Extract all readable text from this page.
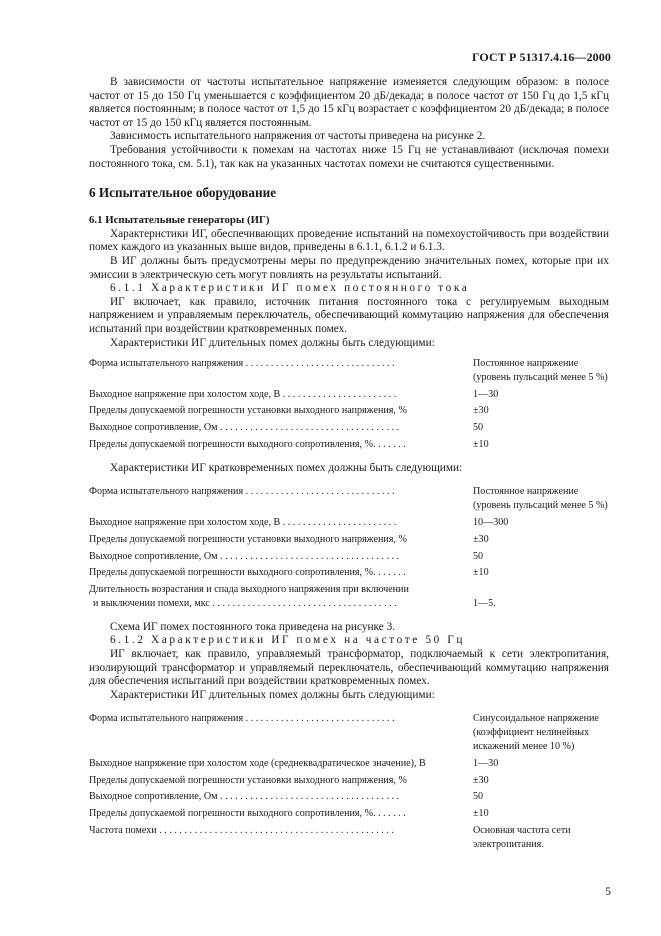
ГОСТ Р 51317.4.16—2000

В зависимости от частоты испытательное напряжение изменяется следующим образом: в полосе частот от 15 до 150 Гц уменьшается с коэффициентом 20 дБ/декада; в полосе частот от 150 Гц до 1,5 кГц является постоянным; в полосе частот от 1,5 до 15 кГц возрастает с коэффициентом 20 дБ/декада; в полосе частот от 15 до 150 кГц является постоянным.

Зависимость испытательного напряжения от частоты приведена на рисунке 2.

Требования устойчивости к помехам на частотах ниже 15 Гц не устанавливают (исключая помехи постоянного тока, см. 5.1), так как на указанных частотах помехи не считаются существенными.

6 Испытательное оборудование
6.1 Испытательные генераторы (ИГ)

Характеристики ИГ, обеспечивающих проведение испытаний на помехоустойчивость при воздействии помех каждого из указанных выше видов, приведены в 6.1.1, 6.1.2 и 6.1.3.

В ИГ должны быть предусмотрены меры по предупреждению значительных помех, которые при их эмиссии в электрическую сеть могут повлиять на результаты испытаний.

6.1.1 Характеристики ИГ помех постоянного тока

ИГ включает, как правило, источник питания постоянного тока с регулируемым выходным напряжением и управляемым переключатель, обеспечивающий коммутацию напряжения для обеспечения испытаний при воздействии кратковременных помех.

Характеристики ИГ длительных помех должны быть следующими:

Форма испытательного напряжения . . . . . . . . . . . . . . . . . . . . . . . . . . . . . .	Постоянное напряжение (уровень пульсаций менее 5 %)
Выходное напряжение при холостом ходе, В . . . . . . . . . . . . . . . . . . . . . . .	1—30
Пределы допускаемой погрешности установки выходного напряжения, %	±30
Выходное сопротивление, Ом . . . . . . . . . . . . . . . . . . . . . . . . . . . . . . . . . . . .	50
Пределы допускаемой погрешности выходного сопротивления, %. . . . . . .	±10

Характеристики ИГ кратковременных помех должны быть следующими:

Форма испытательного напряжения . . . . . . . . . . . . . . . . . . . . . . . . . . . . . .	Постоянное напряжение (уровень пульсаций менее 5 %)
Выходное напряжение при холостом ходе, В . . . . . . . . . . . . . . . . . . . . . . .	10—300
Пределы допускаемой погрешности установки выходного напряжения, %	±30
Выходное сопротивление, Ом . . . . . . . . . . . . . . . . . . . . . . . . . . . . . . . . . . . .	50
Пределы допускаемой погрешности выходного сопротивления, %. . . . . . .	±10
Длительность возрастания и спада выходного напряжения при включении
и выключении помехи, мкс . . . . . . . . . . . . . . . . . . . . . . . . . . . . . . . . . . . . .	1—5.

Схема ИГ помех постоянного тока приведена на рисунке 3.

6.1.2 Характеристики ИГ помех на частоте 50 Гц

ИГ включает, как правило, управляемый трансформатор, подключаемый к сети электропитания, изолирующий трансформатор и управляемый переключатель, обеспечивающий коммутацию напряжения для обеспечения испытаний при воздействии кратковременных помех.

Характеристики ИГ длительных помех должны быть следующими:

Форма испытательного напряжения . . . . . . . . . . . . . . . . . . . . . . . . . . . . . .	Синусоидальное напряжение (коэффициент нелинейных искажений менее 10 %)
Выходное напряжение при холостом ходе (среднеквадратическое значение), В	1—30
Пределы допускаемой погрешности установки выходного напряжения, %	±30
Выходное сопротивление, Ом . . . . . . . . . . . . . . . . . . . . . . . . . . . . . . . . . . . .	50
Пределы допускаемой погрешности выходного сопротивления, %. . . . . . .	±10
Частота помехи . . . . . . . . . . . . . . . . . . . . . . . . . . . . . . . . . . . . . . . . . . . . . . .	Основная частота сети электропитания.
5
